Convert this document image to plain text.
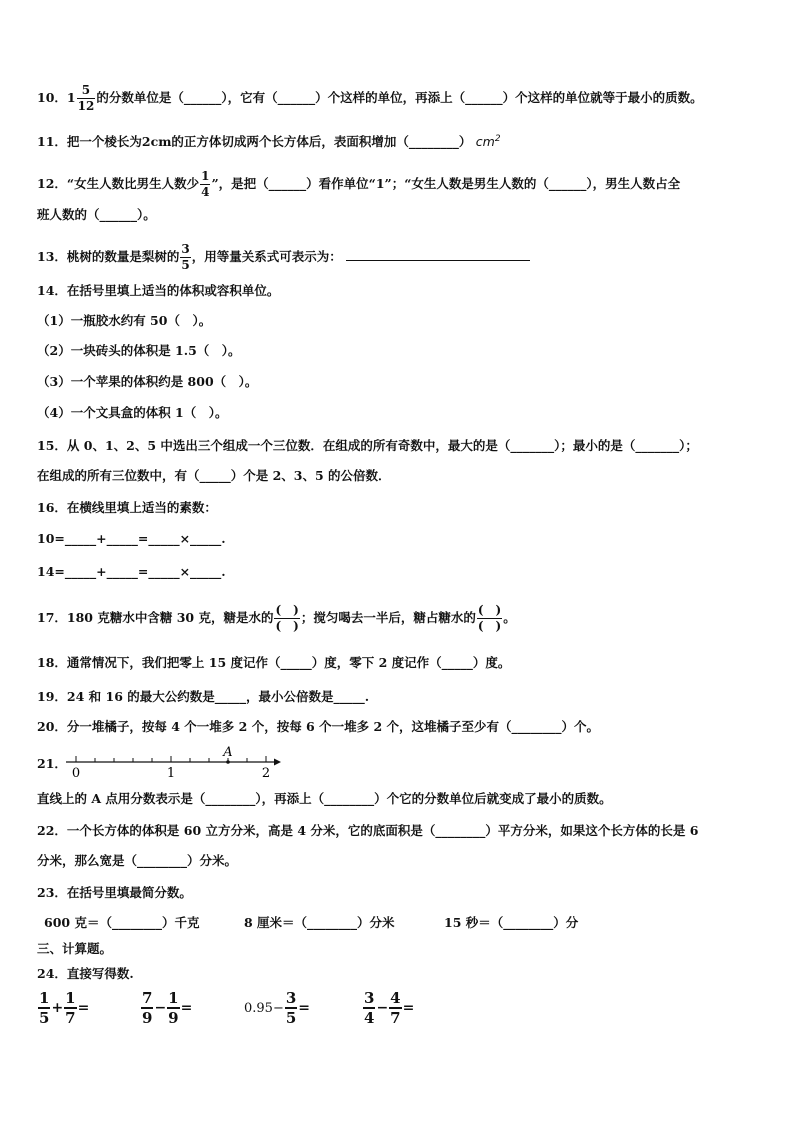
10．$1 \frac{5}{12}$ 的分数单位是（______），它有（______）个这样的单位，再添上（______）个这样的单位就等于最小的质数。
11．把一个棱长为2cm的正方体切成两个长方体后，表面积增加（________） $cm^2$
12．“女生人数比男生人数少 $\frac{1}{4}$ ”，是把（______）看作单位“1”；“女生人数是男生人数的（______），男生人数占全
班人数的（______）。
13．桃树的数量是梨树的 $\frac{3}{5}$ ，用等量关系式可表示为：
14．在括号里填上适当的体积或容积单位。
（1）一瓶胶水约有 50（　）。
（2）一块砖头的体积是 1.5（　）。
（3）一个苹果的体积约是 800（　）。
（4）一个文具盒的体积 1（　）。
15．从 0、1、2、5 中选出三个组成一个三位数．在组成的所有奇数中，最大的是（_______）；最小的是（_______）；
在组成的所有三位数中，有（_____）个是 2、3、5 的公倍数．
16．在横线里填上适当的素数：
10=_____+_____=_____×_____.
14=_____+_____=_____×_____.
17．180 克糖水中含糖 30 克，糖是水的 $\frac{( )}{( )}$ ；搅匀喝去一半后，糖占糖水的 $\frac{( )}{( )}$ 。
18．通常情况下，我们把零上 15 度记作（_____）度，零下 2 度记作（_____）度。
19．24 和 16 的最大公约数是_____，最小公倍数是_____.
20．分一堆橘子，按每 4 个一堆多 2 个，按每 6 个一堆多 2 个，这堆橘子至少有（________）个。
21．
0	1	2
A
直线上的 A 点用分数表示是（________），再添上（________）个它的分数单位后就变成了最小的质数。
22．一个长方体的体积是 60 立方分米，高是 4 分米，它的底面积是（________）平方分米，如果这个长方体的长是 6
分米，那么宽是（________）分米。
23．在括号里填最简分数。
600 克＝（________）千克	8 厘米＝（________）分米	15 秒＝（________）分
三、计算题。
24．直接写得数.
$\frac{1}{5} + \frac{1}{7}$ =	$\frac{7}{9} - \frac{1}{9}$ =	$0.95- \frac{3}{5}$ =	$\frac{3}{4} - \frac{4}{7}$ =
